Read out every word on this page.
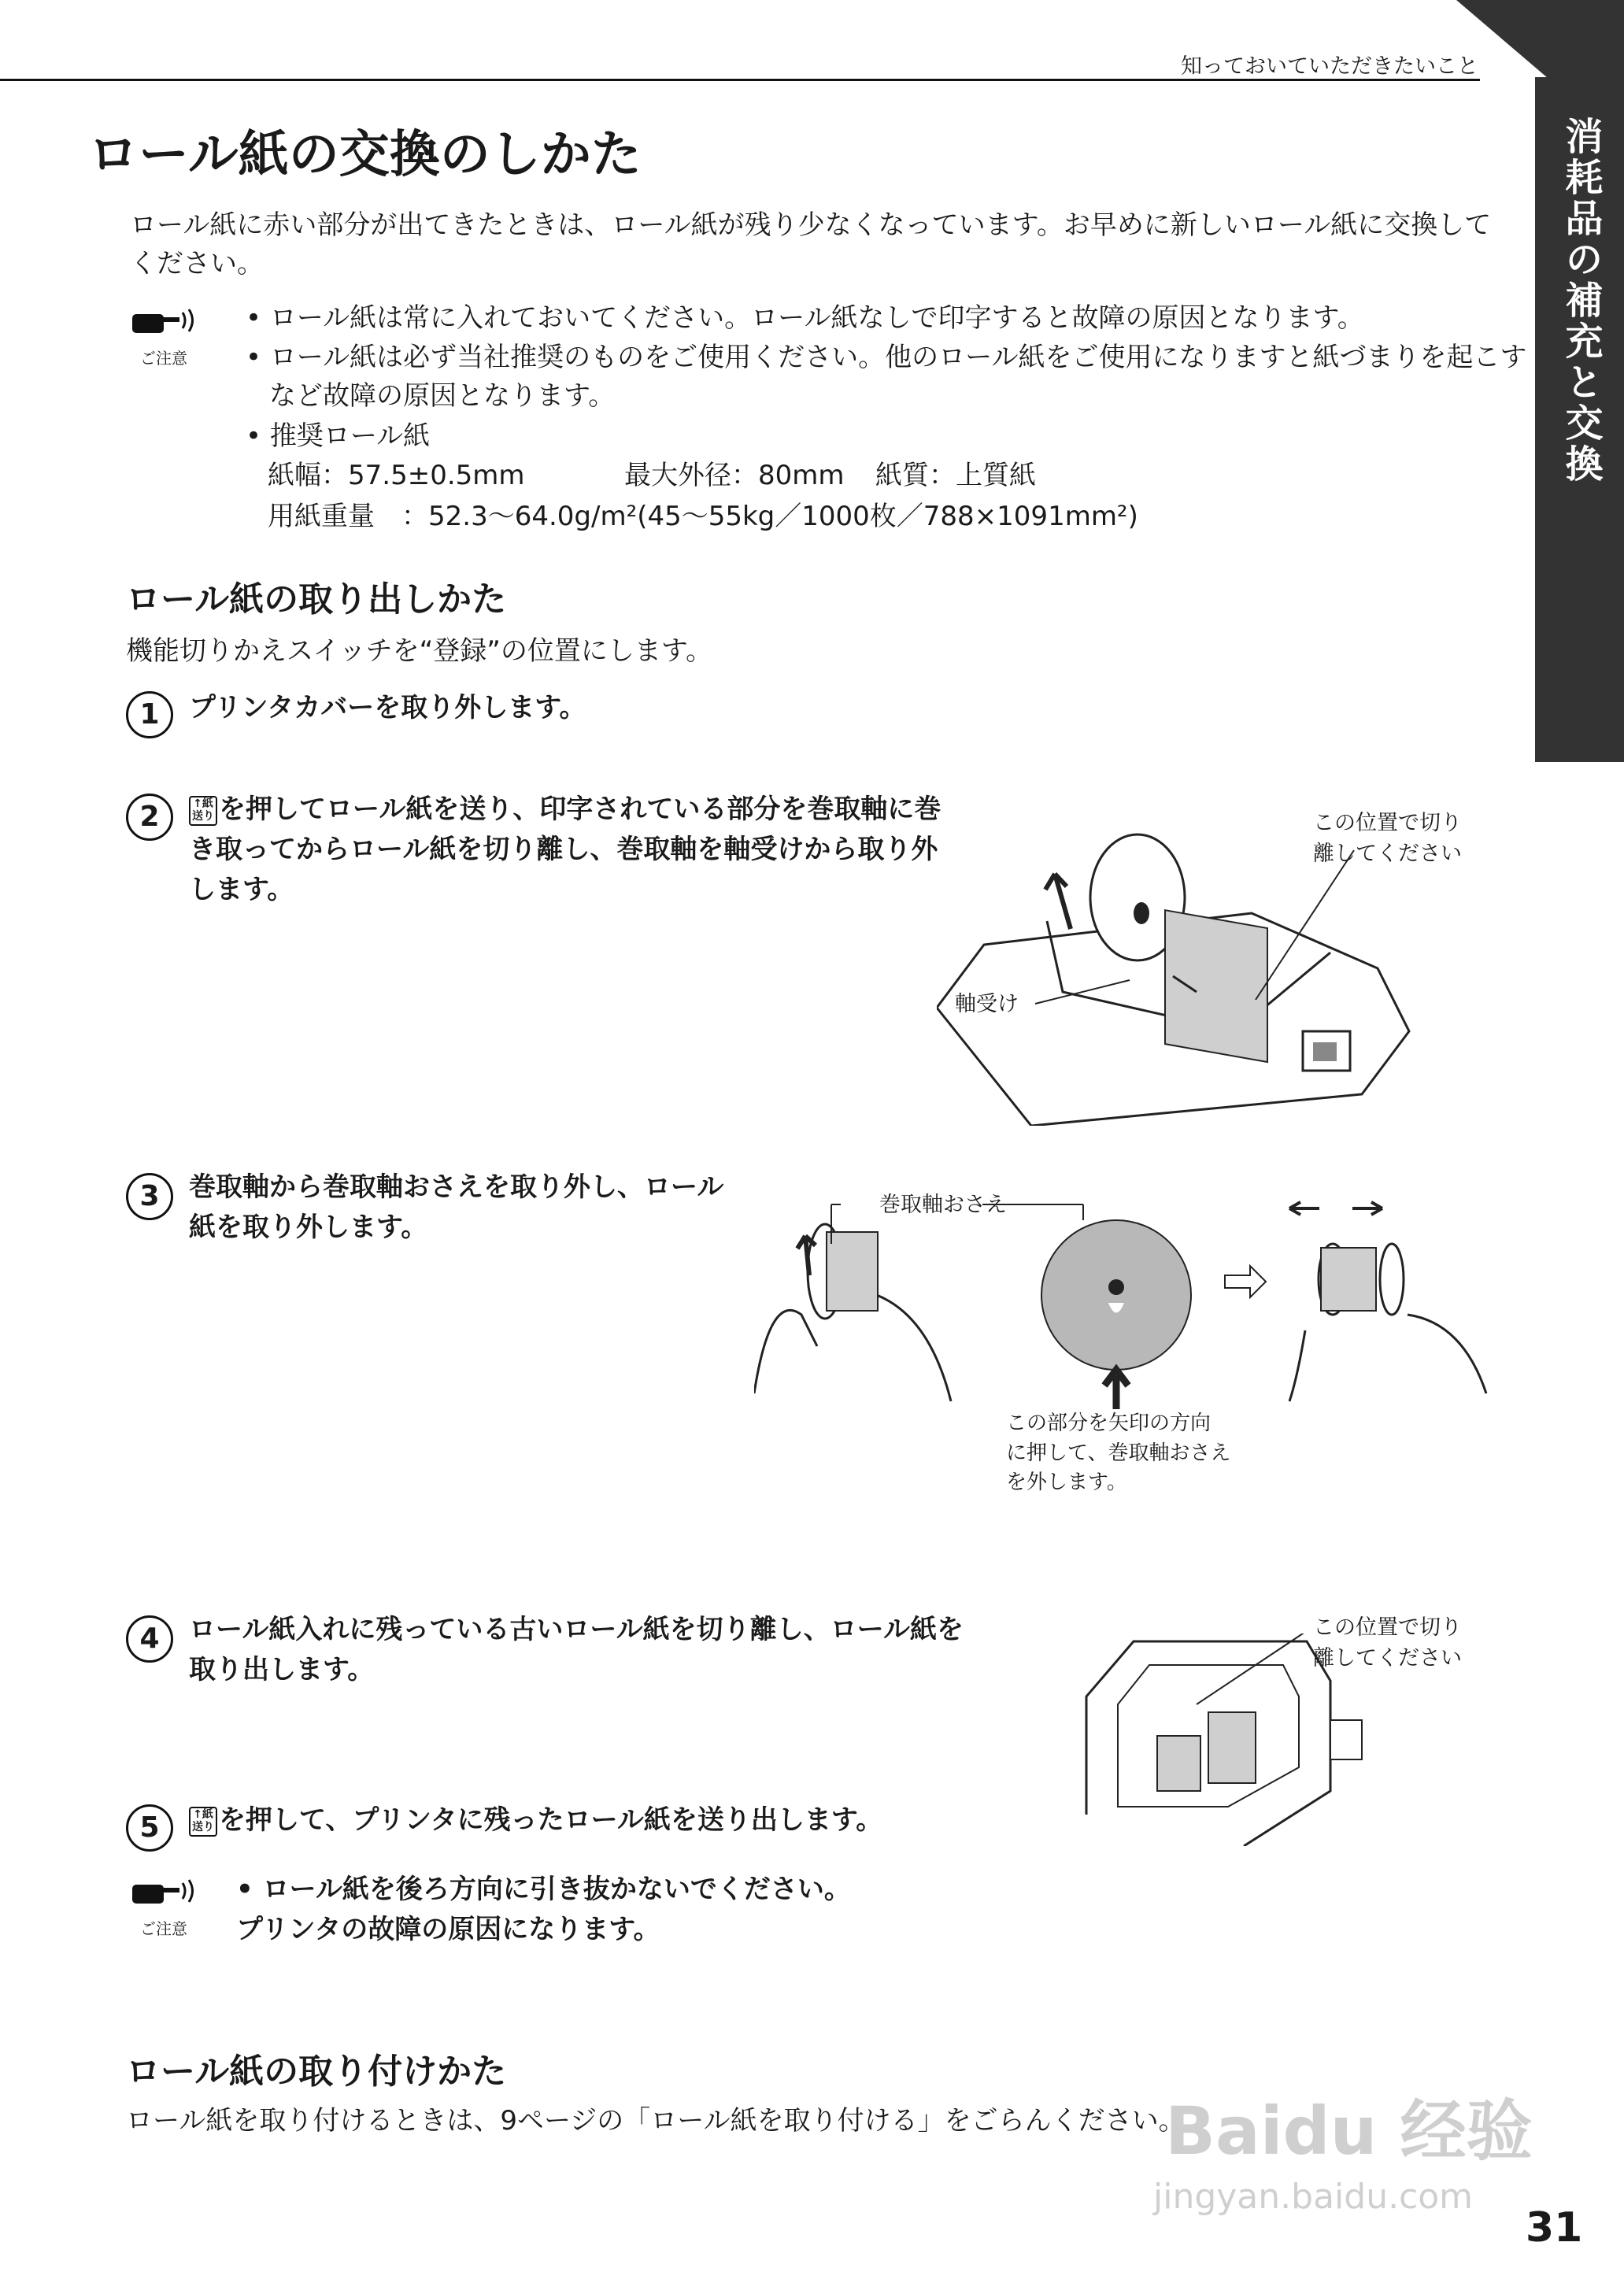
知っておいていただきたいこと
消耗品の補充と交換
ロール紙の交換のしかた
ロール紙に赤い部分が出てきたときは、ロール紙が残り少なくなっています。お早めに新しいロール紙に交換してください。
ご注意
• ロール紙は常に入れておいてください。ロール紙なしで印字すると故障の原因となります。
• ロール紙は必ず当社推奨のものをご使用ください。他のロール紙をご使用になりますと紙づまりを起こすなど故障の原因となります。
• 推奨ロール紙
紙幅：57.5±0.5mm	最大外径：80mm 紙質：上質紙
用紙重量　：52.3～64.0g/m²(45～55kg／1000枚／788×1091mm²)
ロール紙の取り出しかた
機能切りかえスイッチを“登録”の位置にします。
1	プリンタカバーを取り外します。
2	↑紙送り を押してロール紙を送り、印字されている部分を巻取軸に巻き取ってからロール紙を切り離し、巻取軸を軸受けから取り外します。
この位置で切り
離してください
軸受け
3	巻取軸から巻取軸おさえを取り外し、ロール紙を取り外します。
巻取軸おさえ
この部分を矢印の方向
に押して、巻取軸おさえ
を外します。
4	ロール紙入れに残っている古いロール紙を切り離し、ロール紙を取り出します。
この位置で切り
離してください
5	↑紙送り を押して、プリンタに残ったロール紙を送り出します。
ご注意
• ロール紙を後ろ方向に引き抜かないでください。
プリンタの故障の原因になります。
ロール紙の取り付けかた
ロール紙を取り付けるときは、9ページの「ロール紙を取り付ける」をごらんください。
Baidu 经验
jingyan.baidu.com
31
